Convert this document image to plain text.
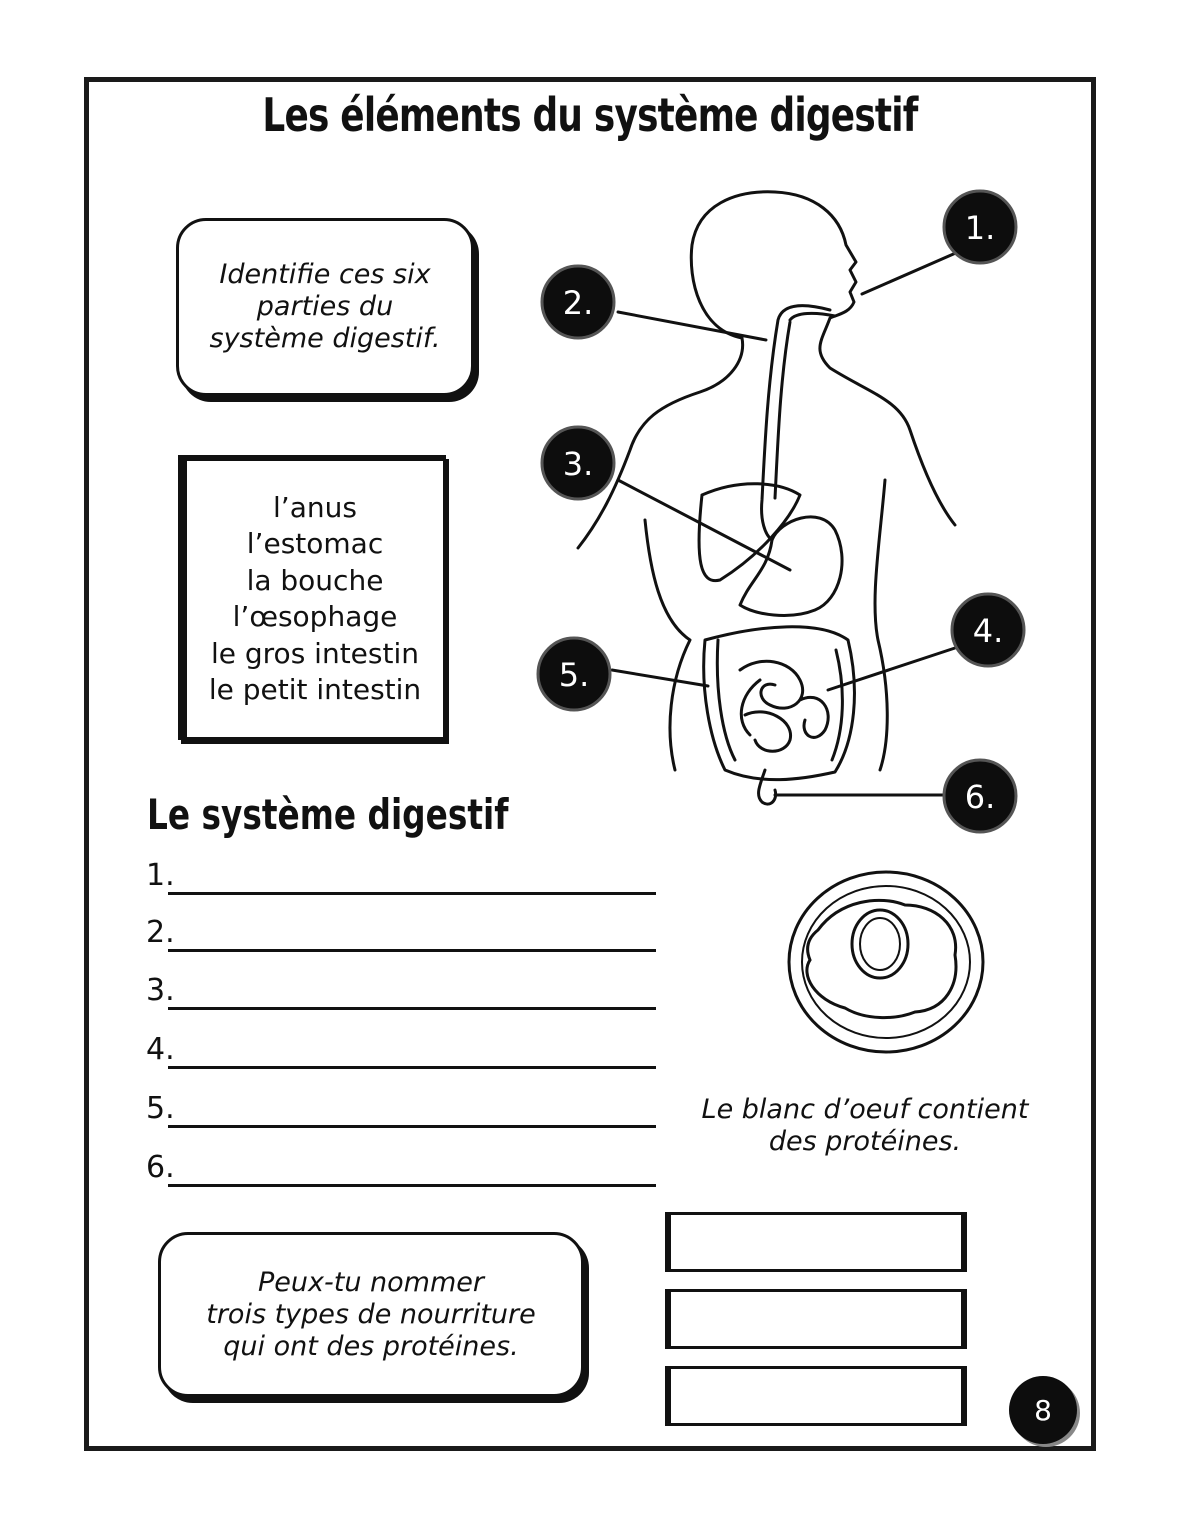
Les éléments du système digestif
Identifie ces six
parties du
système digestif.
l’anus
l’estomac
la bouche
l’œsophage
le gros intestin
le petit intestin
1.
2.
3.
4.
5.
6.
Le système digestif
1.
2.
3.
4.
5.
6.
Le blanc d’oeuf contient
des protéines.
Peux-tu nommer
trois types de nourriture
qui ont des protéines.
8
